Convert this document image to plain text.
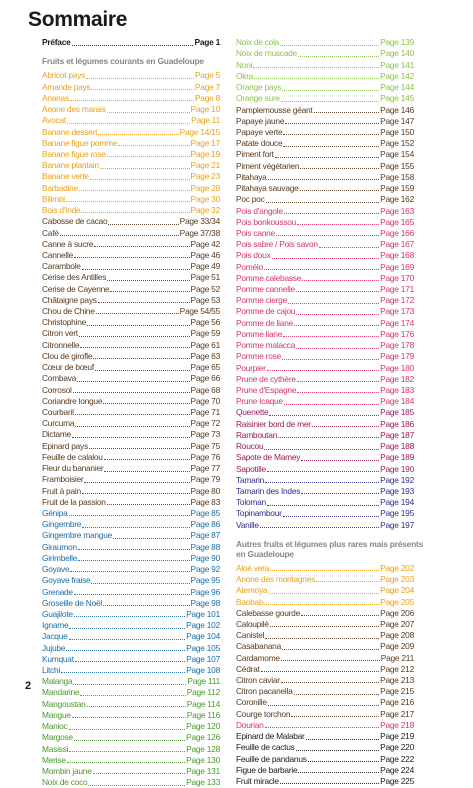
Sommaire
Préface	Page 1
Fruits et légumes courants en Guadeloupe
Abricot pays	Page 5
Amande pays	Page 7
Ananas	Page 8
Anone des marais	Page 10
Avocat	Page 11
Banane dessert	Page 14/15
Banane figue pomme	Page 17
Banane figue rose	Page 19
Banane plantain	Page 21
Banane verte	Page 23
Barbadine	Page 28
Bilimbi	Page 30
Bois d'Inde	Page 32
Cabosse de cacao	Page 33/34
Café	Page 37/38
Canne à sucre	Page 42
Cannelle	Page 46
Carambole	Page 49
Cerise des Antilles	Page 51
Cerise de Cayenne	Page 52
Châtaigne pays	Page 53
Chou de Chine	Page 54/55
Christophine	Page 56
Citron vert	Page 59
Citronnelle	Page 61
Clou de girofle	Page 63
Cœur de bœuf	Page 65
Combava	Page 66
Corrosol	Page 68
Coriandre longue	Page 70
Courbaril	Page 71
Curcuma	Page 72
Dictame	Page 73
Epinard pays	Page 75
Feuille de calalou	Page 76
Fleur du bananier	Page 77
Framboisier	Page 79
Fruit à pain	Page 80
Fruit de la passion	Page 83
Génipa	Page 85
Gingembre	Page 86
Gingembre mangue	Page 87
Giraumon	Page 88
Girimbelle	Page 90
Goyave	Page 92
Goyave fraise	Page 95
Grenade	Page 96
Groseille de Noël	Page 98
Guajilote	Page 101
Igname	Page 102
Jacque	Page 104
Jujube	Page 105
Kumquat	Page 107
Litchi	Page 108
Malanga	Page 111
Mandarine	Page 112
Mangoustan	Page 114
Mangue	Page 116
Manioc	Page 120
Margose	Page 126
Masissi	Page 128
Merise	Page 130
Mombin jaune	Page 131
Noix de coco	Page 133
Noix de cola	Page 139
Noix de muscade	Page 140
Noni	Page 141
Okra	Page 142
Orange pays	Page 144
Orange sure	Page 145
Pamplemousse géant	Page 146
Papaye jaune	Page 147
Papaye verte	Page 150
Patate douce	Page 152
Piment fort	Page 154
Piment végétarien	Page 155
Pitahaya	Page 158
Pitahaya sauvage	Page 159
Poc poc	Page 162
Pois d'angole	Page 163
Pois bonkoussou	Page 165
Pois canne	Page 166
Pois sabre / Pois savon	Page 167
Pois doux	Page 168
Pomélo	Page 169
Pomme calebasse	Page 170
Pomme cannelle	Page 171
Pomme cierge	Page 172
Pomme de cajou	Page 173
Pomme de liane	Page 174
Pomme liane	Page 176
Pomme malacca	Page 178
Pomme rose	Page 179
Pourpier	Page 180
Prune de cythère	Page 182
Prune d'Espagne	Page 183
Prune Icaque	Page 184
Quenette	Page 185
Raisinier bord de mer	Page 186
Ramboutan	Page 187
Roucou	Page 188
Sapote de Mamey	Page 189
Sapotille	Page 190
Tamarin	Page 192
Tamarin des Indes	Page 193
Toloman	Page 194
Topinambour	Page 195
Vanille	Page 197
Autres fruits et légumes plus rares mais présents en Guadeloupe
Aloé vera	Page 202
Anone des montagnes	Page 203
Atemoya	Page 204
Baobab	Page 205
Calebasse gourde	Page 206
Caloupilé	Page 207
Canistel	Page 208
Casabanana	Page 209
Cardamome	Page 211
Cédrat	Page 212
Citron caviar	Page 213
Citron pacanella	Page 215
Coronille	Page 216
Courge torchon	Page 217
Dourian	Page 218
Epinard de Malabar	Page 219
Feuille de cactus	Page 220
Feuille de pandanus	Page 222
Figue de barbarie	Page 224
Fruit miracle	Page 225
2
